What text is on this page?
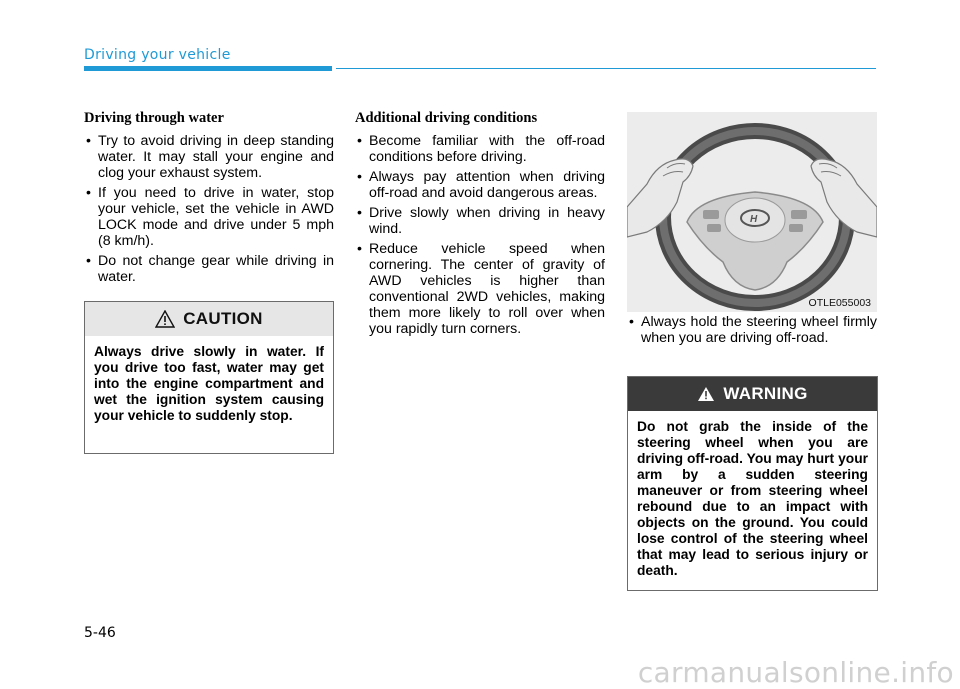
Driving your vehicle
Driving through water
• Try to avoid driving in deep standing water. It may stall your engine and clog your exhaust system.
• If you need to drive in water, stop your vehicle, set the vehicle in AWD LOCK mode and drive under 5 mph (8 km/h).
• Do not change gear while driving in water.
CAUTION
Always drive slowly in water. If you drive too fast, water may get into the engine compartment and wet the ignition system causing your vehicle to suddenly stop.
Additional driving conditions
• Become familiar with the off-road conditions before driving.
• Always pay attention when driving off-road and avoid dangerous areas.
• Drive slowly when driving in heavy wind.
• Reduce vehicle speed when cornering. The center of gravity of AWD vehicles is higher than conventional 2WD vehicles, making them more likely to roll over when you rapidly turn corners.
H
OTLE055003
• Always hold the steering wheel firmly when you are driving off-road.
WARNING
Do not grab the inside of the steering wheel when you are driving off-road. You may hurt your arm by a sudden steering maneuver or from steering wheel rebound due to an impact with objects on the ground. You could lose control of the steering wheel that may lead to serious injury or death.
5-46
carmanualsonline.info
